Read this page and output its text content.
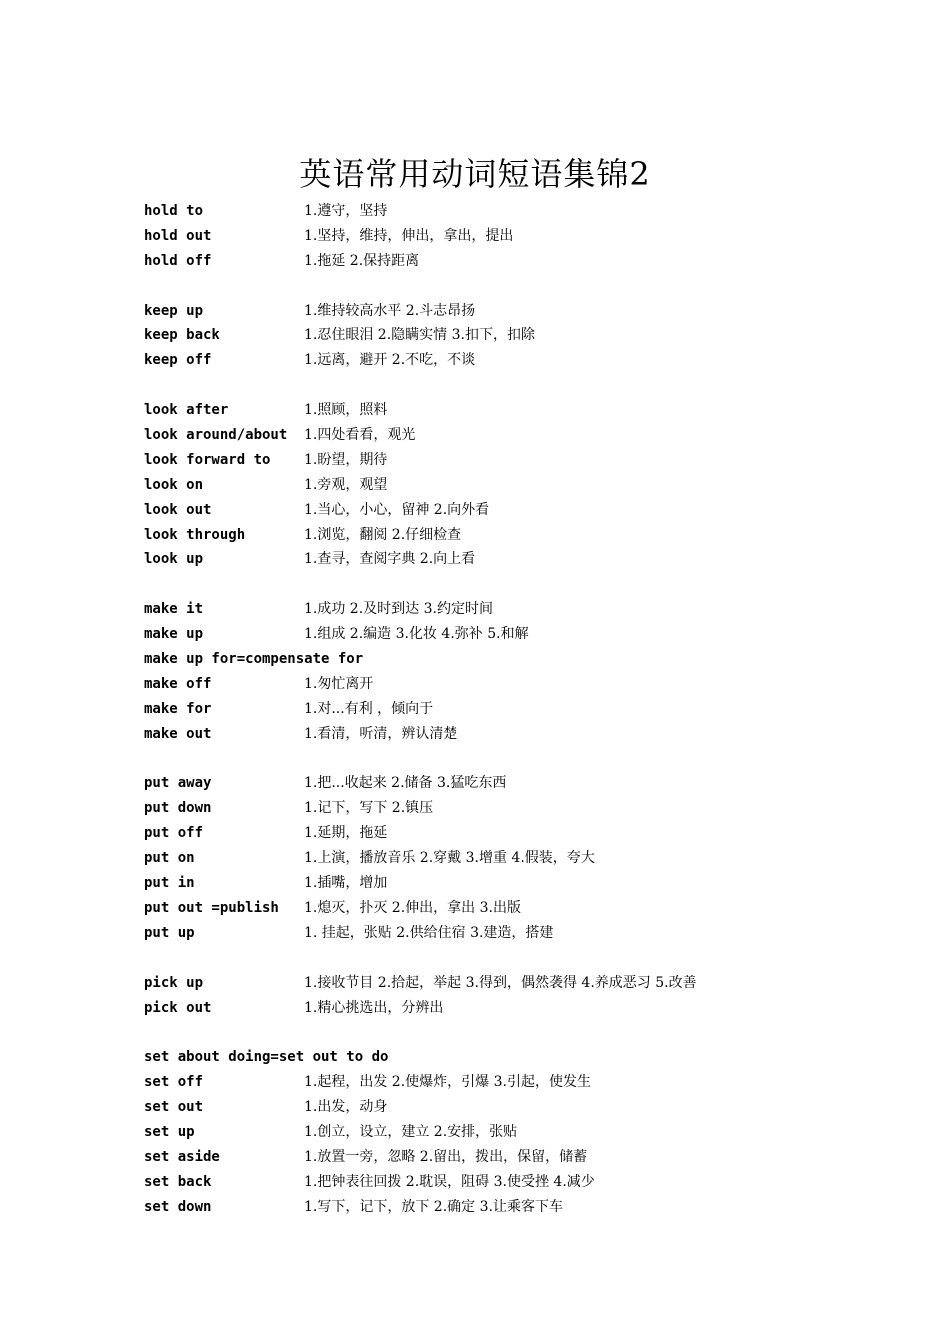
英语常用动词短语集锦2
hold to	1.遵守，坚持
hold out	1.坚持，维持，伸出，拿出，提出
hold off	1.拖延 2.保持距离
keep up	1.维持较高水平 2.斗志昂扬
keep back	1.忍住眼泪 2.隐瞒实情 3.扣下，扣除
keep off	1.远离，避开 2.不吃，不谈
look after	1.照顾，照料
look around/about 1.四处看看，观光
look forward to 1.盼望，期待
look on	1.旁观，观望
look out	1.当心，小心，留神 2.向外看
look through	1.浏览，翻阅 2.仔细检查
look up	1.查寻，查阅字典 2.向上看
make it	1.成功 2.及时到达 3.约定时间
make up	1.组成 2.编造 3.化妆 4.弥补 5.和解
make up for=compensate for
make off	1.匆忙离开
make for	1.对...有利 ，倾向于
make out	1.看清，听清，辨认清楚
put away	1.把...收起来 2.储备 3.猛吃东西
put down	1.记下，写下 2.镇压
put off	1.延期，拖延
put on	1.上演，播放音乐 2.穿戴 3.增重 4.假装，夸大
put in	1.插嘴，增加
put out =publish 1.熄灭，扑灭 2.伸出，拿出 3.出版
put up	1. 挂起，张贴 2.供给住宿 3.建造，搭建
pick up	1.接收节目 2.拾起，举起 3.得到，偶然袭得 4.养成恶习 5.改善
pick out	1.精心挑选出，分辨出
set about doing=set out to do
set off	1.起程，出发 2.使爆炸，引爆 3.引起，使发生
set out	1.出发，动身
set up	1.创立，设立，建立 2.安排，张贴
set aside	1.放置一旁，忽略 2.留出，拨出，保留，储蓄
set back	1.把钟表往回拨 2.耽误，阻碍 3.使受挫 4.减少
set down	1.写下，记下，放下 2.确定 3.让乘客下车
